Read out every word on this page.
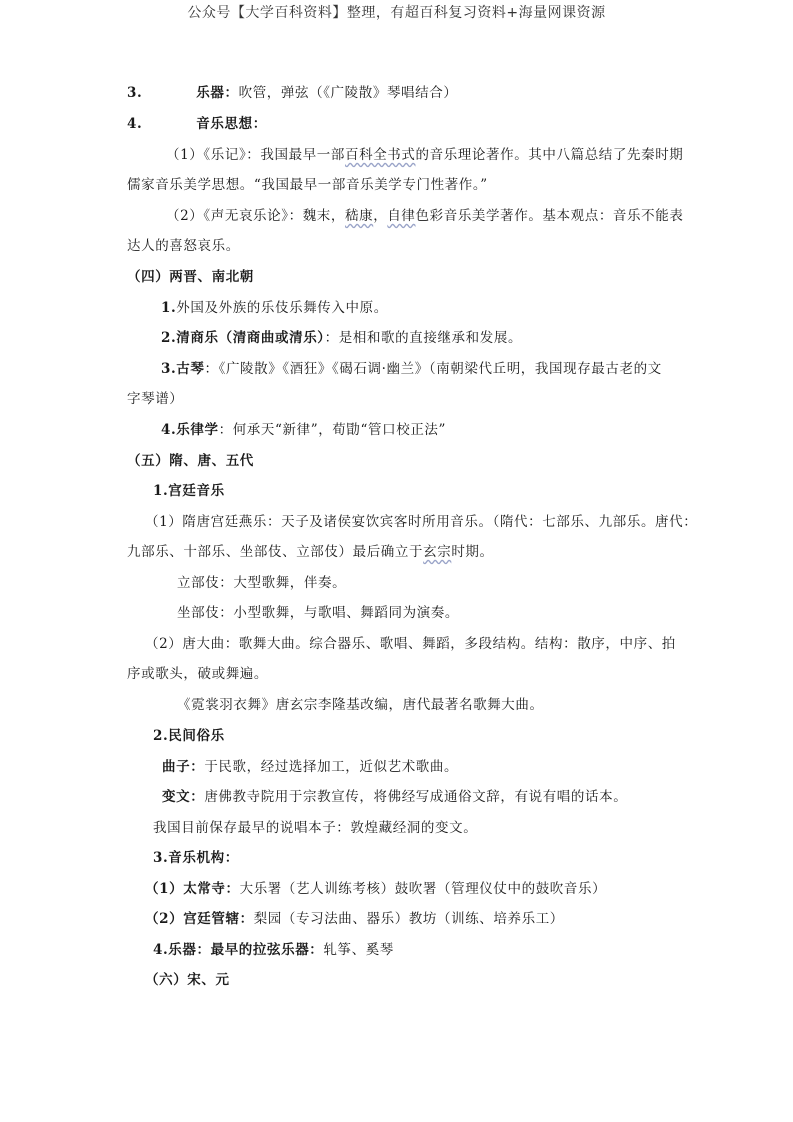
公众号【大学百科资料】整理，有超百科复习资料+海量网课资源
3.	乐器：吹管，弹弦（《广陵散》琴唱结合）
4.	音乐思想：
（1）《乐记》：我国最早一部百科全书式的音乐理论著作。其中八篇总结了先秦时期
儒家音乐美学思想。“我国最早一部音乐美学专门性著作。”
（2）《声无哀乐论》：魏末，嵇康，自律色彩音乐美学著作。基本观点：音乐不能表
达人的喜怒哀乐。
（四）两晋、南北朝
1.外国及外族的乐伎乐舞传入中原。
2.清商乐（清商曲或清乐）：是相和歌的直接继承和发展。
3.古琴：《广陵散》《酒狂》《碣石调·幽兰》（南朝梁代丘明，我国现存最古老的文
字琴谱）
4.乐律学：何承天“新律”，荀勖“管口校正法”
（五）隋、唐、五代
1.宫廷音乐
（1）隋唐宫廷燕乐：天子及诸侯宴饮宾客时所用音乐。（隋代：七部乐、九部乐。唐代：
九部乐、十部乐、坐部伎、立部伎）最后确立于玄宗时期。
立部伎：大型歌舞，伴奏。
坐部伎：小型歌舞，与歌唱、舞蹈同为演奏。
（2）唐大曲：歌舞大曲。综合器乐、歌唱、舞蹈，多段结构。结构：散序，中序、拍
序或歌头，破或舞遍。
《霓裳羽衣舞》唐玄宗李隆基改编，唐代最著名歌舞大曲。
2.民间俗乐
曲子：于民歌，经过选择加工，近似艺术歌曲。
变文：唐佛教寺院用于宗教宣传，将佛经写成通俗文辞，有说有唱的话本。
我国目前保存最早的说唱本子：敦煌藏经洞的变文。
3.音乐机构：
（1）太常寺：大乐署（艺人训练考核）鼓吹署（管理仪仗中的鼓吹音乐）
（2）宫廷管辖：梨园（专习法曲、器乐）教坊（训练、培养乐工）
4.乐器：最早的拉弦乐器：轧筝、奚琴
（六）宋、元
